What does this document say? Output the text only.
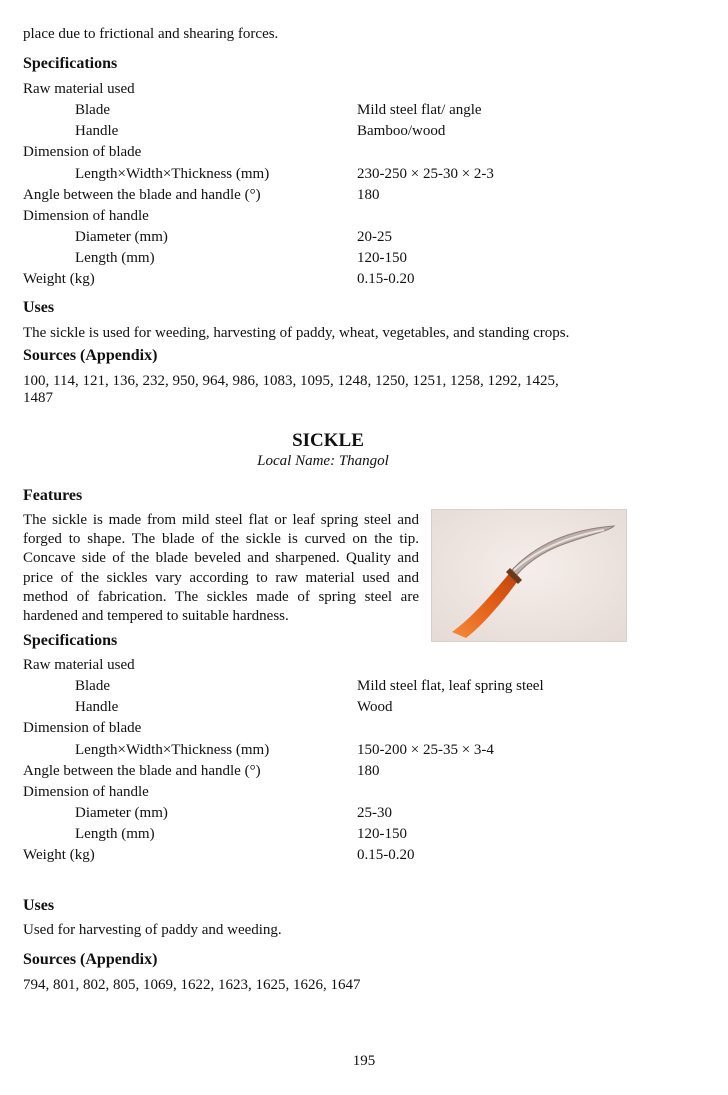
place due to frictional and shearing forces.
Specifications
Raw material used
Blade	Mild steel flat/ angle
Handle	Bamboo/wood
Dimension of blade
Length×Width×Thickness (mm)	230-250 × 25-30 × 2-3
Angle between the blade and handle (°)	180
Dimension of handle
Diameter (mm)	20-25
Length (mm)	120-150
Weight (kg)	0.15-0.20
Uses
The sickle is used for weeding, harvesting of paddy, wheat, vegetables, and standing crops.
Sources (Appendix)
100, 114, 121, 136, 232, 950, 964, 986, 1083, 1095, 1248, 1250, 1251, 1258, 1292, 1425,
1487
SICKLE
Local Name: Thangol
Features
The sickle is made from mild steel flat or leaf spring steel and forged to shape. The blade of the sickle is curved on the tip. Concave side of the blade beveled and sharpened. Quality and price of the sickles vary according to raw material used and method of fabrication. The sickles made of spring steel are hardened and tempered to suitable hardness.
Specifications
Raw material used
Blade	Mild steel flat, leaf spring steel
Handle	Wood
Dimension of blade
Length×Width×Thickness (mm)	150-200 × 25-35 × 3-4
Angle between the blade and handle (°)	180
Dimension of handle
Diameter (mm)	25-30
Length (mm)	120-150
Weight (kg)	0.15-0.20
Uses
Used for harvesting of paddy and weeding.
Sources (Appendix)
794, 801, 802, 805, 1069, 1622, 1623, 1625, 1626, 1647
195
